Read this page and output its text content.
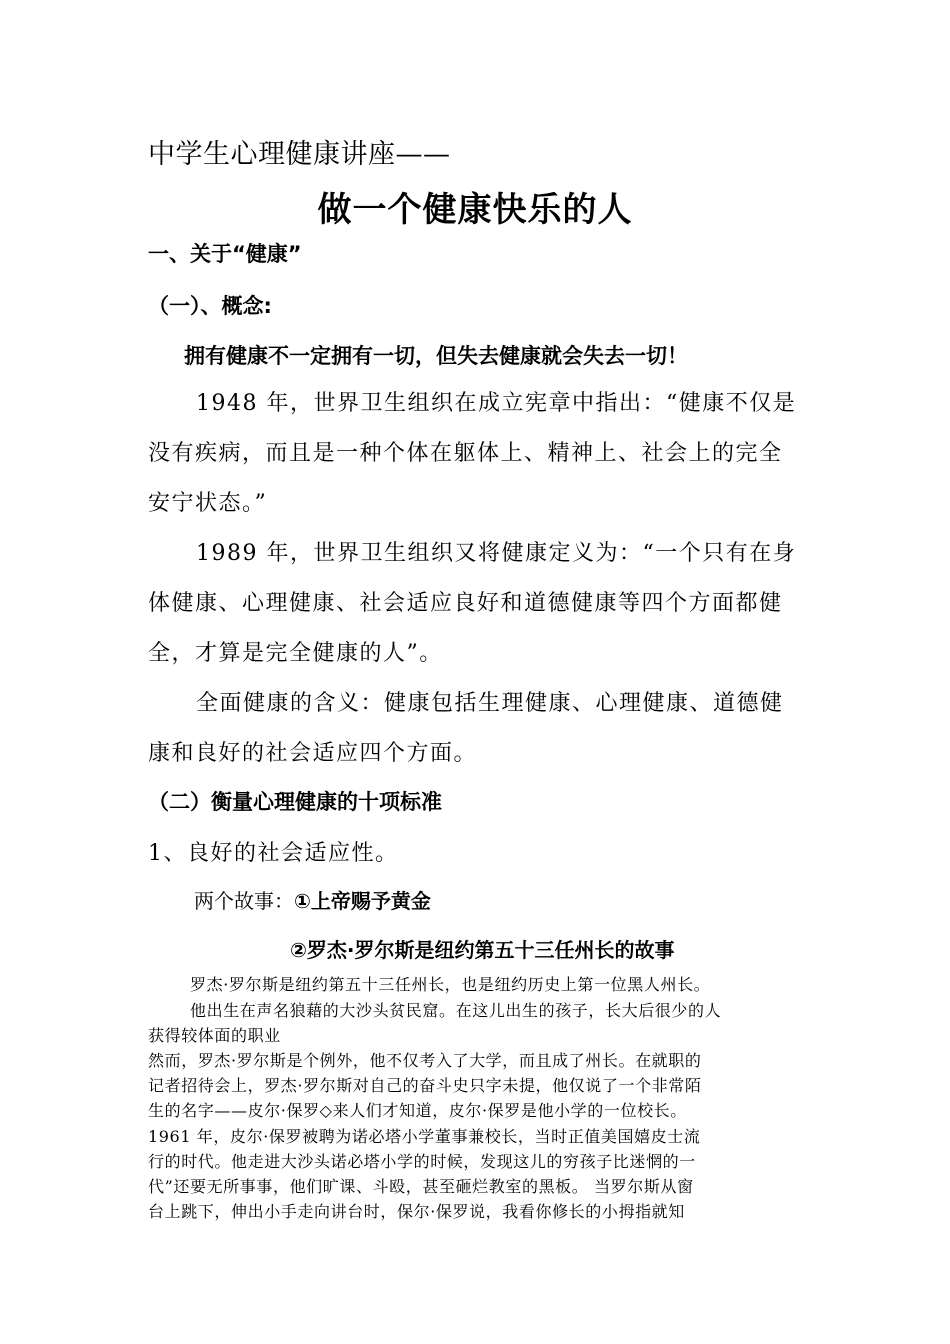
中学生心理健康讲座——
做一个健康快乐的人
一、关于“健康”
（一）、概念:
拥有健康不一定拥有一切，但失去健康就会失去一切！
1948 年，世界卫生组织在成立宪章中指出：“健康不仅是
没有疾病，而且是一种个体在躯体上、精神上、社会上的完全
安宁状态。”
1989 年，世界卫生组织又将健康定义为：“一个只有在身
体健康、心理健康、社会适应良好和道德健康等四个方面都健
全，才算是完全健康的人”。
全面健康的含义：健康包括生理健康、心理健康、道德健
康和良好的社会适应四个方面。
（二）衡量心理健康的十项标准
1、良好的社会适应性。
两个故事：①上帝赐予黄金
②罗杰·罗尔斯是纽约第五十三任州长的故事
罗杰·罗尔斯是纽约第五十三任州长，也是纽约历史上第一位黑人州长。
他出生在声名狼藉的大沙头贫民窟。在这儿出生的孩子，长大后很少的人
获得较体面的职业
然而，罗杰·罗尔斯是个例外，他不仅考入了大学，而且成了州长。在就职的
记者招待会上，罗杰·罗尔斯对自己的奋斗史只字未提，他仅说了一个非常陌
生的名字——皮尔·保罗◇来人们才知道，皮尔·保罗是他小学的一位校长。
1961 年，皮尔·保罗被聘为诺必塔小学董事兼校长，当时正值美国嬉皮士流
行的时代。他走进大沙头诺必塔小学的时候，发现这儿的穷孩子比迷惘的一
代”还要无所事事，他们旷课、斗殴，甚至砸烂教室的黑板。 当罗尔斯从窗
台上跳下，伸出小手走向讲台时，保尔·保罗说，我看你修长的小拇指就知
